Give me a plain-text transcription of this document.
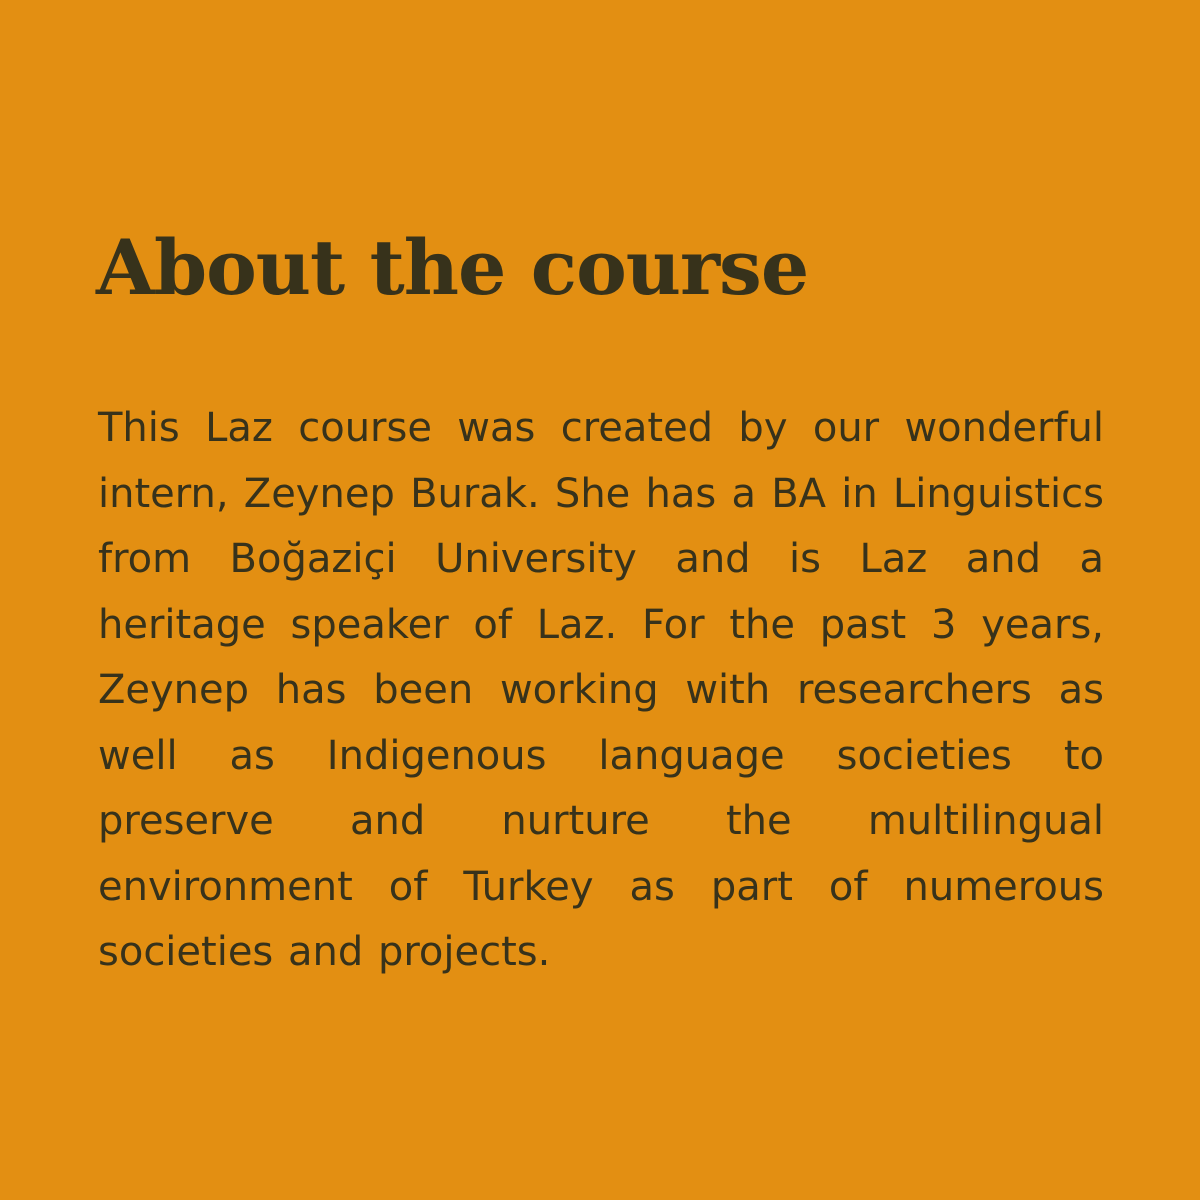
About the course

This Laz course was created by our wonderful intern, Zeynep Burak. She has a BA in Linguistics from Boğaziçi University and is Laz and a heritage speaker of Laz. For the past 3 years, Zeynep has been working with researchers as well as Indigenous language societies to preserve and nurture the multilingual environment of Turkey as part of numerous societies and projects.
